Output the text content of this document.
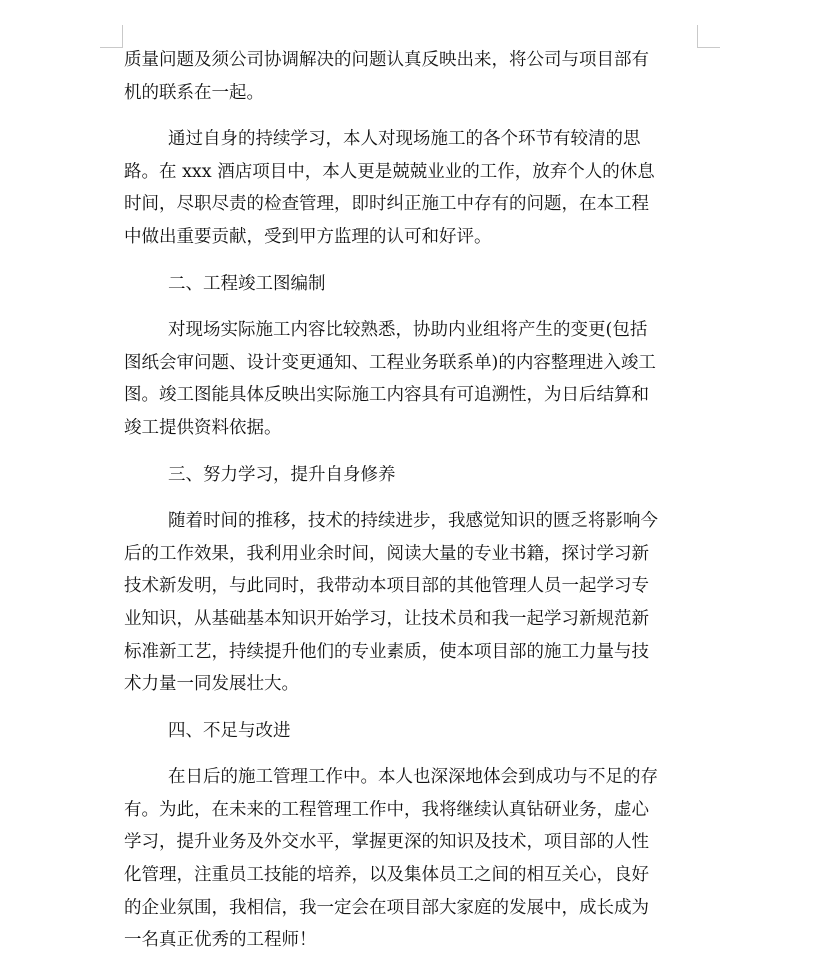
质量问题及须公司协调解决的问题认真反映出来，将公司与项目部有
机的联系在一起。

通过自身的持续学习，本人对现场施工的各个环节有较清的思
路。在 xxx 酒店项目中，本人更是兢兢业业的工作，放弃个人的休息
时间，尽职尽责的检查管理，即时纠正施工中存有的问题，在本工程
中做出重要贡献，受到甲方监理的认可和好评。

二、工程竣工图编制

对现场实际施工内容比较熟悉，协助内业组将产生的变更(包括
图纸会审问题、设计变更通知、工程业务联系单)的内容整理进入竣工
图。竣工图能具体反映出实际施工内容具有可追溯性，为日后结算和
竣工提供资料依据。

三、努力学习，提升自身修养

随着时间的推移，技术的持续进步，我感觉知识的匮乏将影响今
后的工作效果，我利用业余时间，阅读大量的专业书籍，探讨学习新
技术新发明，与此同时，我带动本项目部的其他管理人员一起学习专
业知识，从基础基本知识开始学习，让技术员和我一起学习新规范新
标准新工艺，持续提升他们的专业素质，使本项目部的施工力量与技
术力量一同发展壮大。

四、不足与改进

在日后的施工管理工作中。本人也深深地体会到成功与不足的存
有。为此，在未来的工程管理工作中，我将继续认真钻研业务，虚心
学习，提升业务及外交水平，掌握更深的知识及技术，项目部的人性
化管理，注重员工技能的培养，以及集体员工之间的相互关心，良好
的企业氛围，我相信，我一定会在项目部大家庭的发展中，成长成为
一名真正优秀的工程师！
